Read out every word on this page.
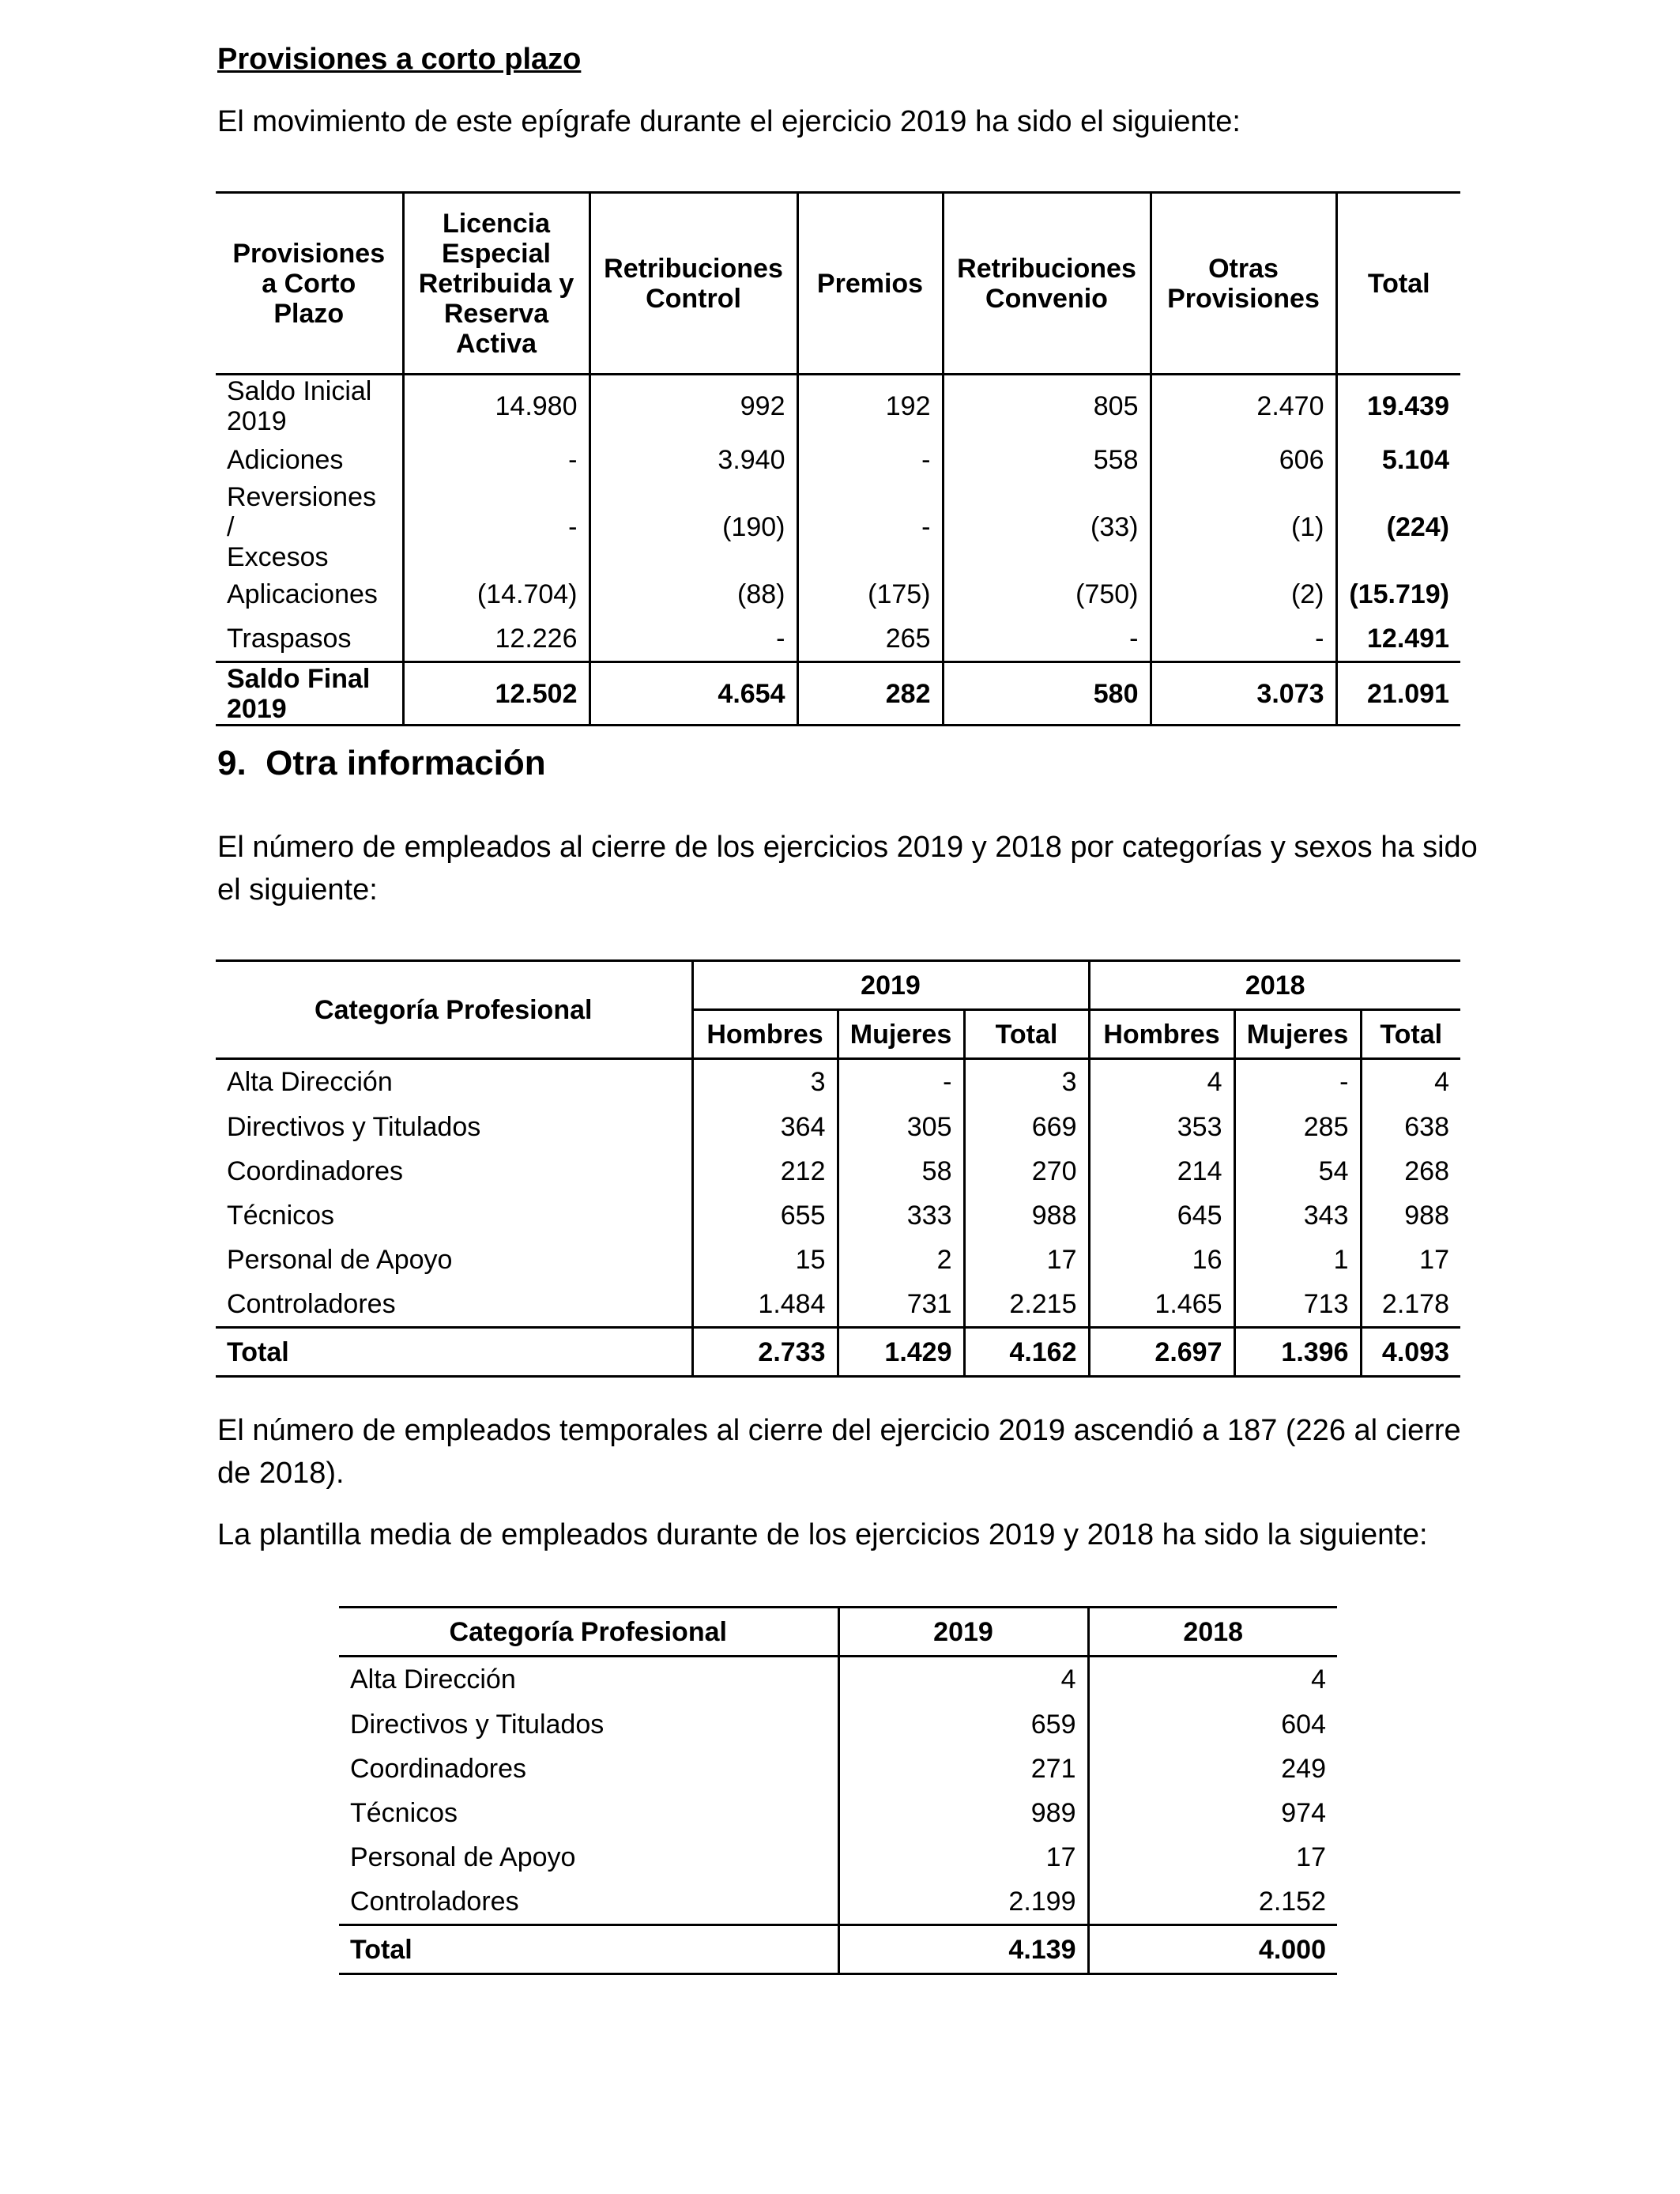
Provisiones a corto plazo

El movimiento de este epígrafe durante el ejercicio 2019 ha sido el siguiente:

Provisiones
a Corto
Plazo	Licencia
Especial
Retribuida y
Reserva
Activa	Retribuciones
Control	Premios	Retribuciones
Convenio	Otras
Provisiones	Total
Saldo Inicial
2019	14.980	992	192	805	2.470	19.439
Adiciones	-	3.940	-	558	606	5.104
Reversiones /
Excesos	-	(190)	-	(33)	(1)	(224)
Aplicaciones	(14.704)	(88)	(175)	(750)	(2)	(15.719)
Traspasos	12.226	-	265	-	-	12.491
Saldo Final
2019	12.502	4.654	282	580	3.073	21.091
9. Otra información

El número de empleados al cierre de los ejercicios 2019 y 2018 por categorías y sexos ha sido

el siguiente:

Categoría Profesional	2019			2018		
	Hombres	Mujeres	Total	Hombres	Mujeres	Total
Alta Dirección	3	-	3	4	-	4
Directivos y Titulados	364	305	669	353	285	638
Coordinadores	212	58	270	214	54	268
Técnicos	655	333	988	645	343	988
Personal de Apoyo	15	2	17	16	1	17
Controladores	1.484	731	2.215	1.465	713	2.178
Total	2.733	1.429	4.162	2.697	1.396	4.093

El número de empleados temporales al cierre del ejercicio 2019 ascendió a 187 (226 al cierre

de 2018).

La plantilla media de empleados durante de los ejercicios 2019 y 2018 ha sido la siguiente:

Categoría Profesional	2019	2018
Alta Dirección	4	4
Directivos y Titulados	659	604
Coordinadores	271	249
Técnicos	989	974
Personal de Apoyo	17	17
Controladores	2.199	2.152
Total	4.139	4.000
